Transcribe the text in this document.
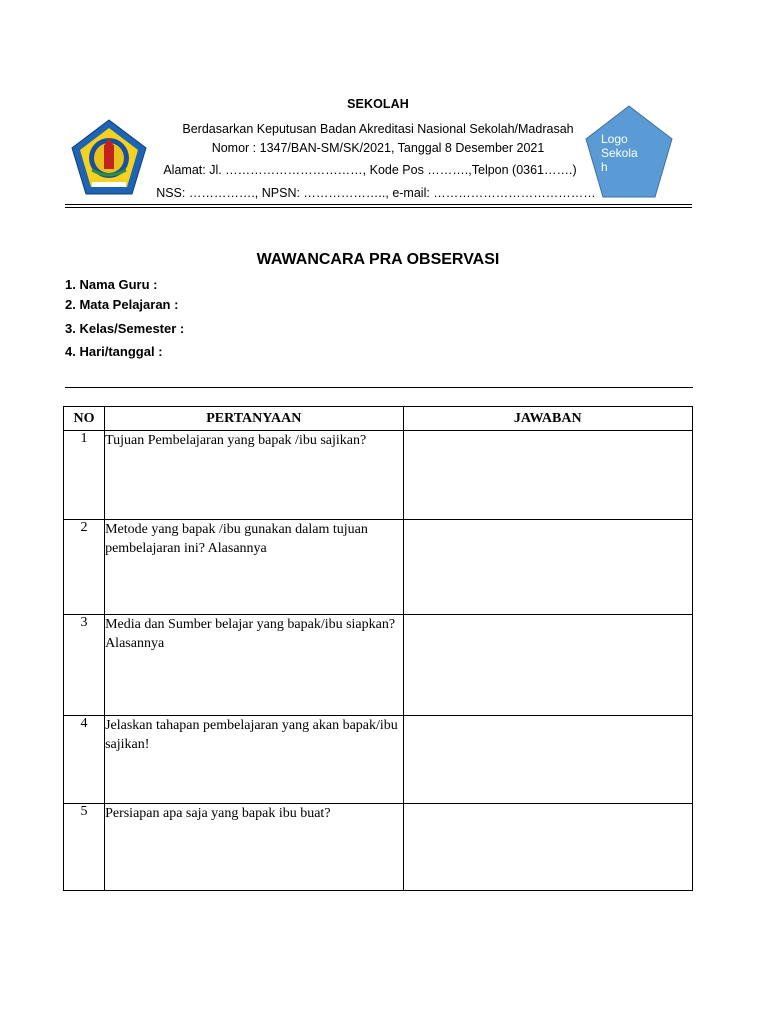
Logo Sekolah
SEKOLAH
Berdasarkan Keputusan Badan Akreditasi Nasional Sekolah/Madrasah
Nomor : 1347/BAN-SM/SK/2021, Tanggal 8 Desember 2021
Alamat: Jl. ……………………………, Kode Pos ……….,Telpon (0361…….)
NSS: ……………., NPSN: ……………….., e-mail: …………………………………
WAWANCARA PRA OBSERVASI
1. Nama Guru :
2. Mata Pelajaran :
3. Kelas/Semester :
4. Hari/tanggal :
NO	PERTANYAAN	JAWABAN
1	Tujuan Pembelajaran yang bapak /ibu sajikan?	
2	Metode yang bapak /ibu gunakan dalam tujuan pembelajaran ini? Alasannya	
3	Media dan Sumber belajar yang bapak/ibu siapkan? Alasannya	
4	Jelaskan tahapan pembelajaran yang akan bapak/ibu sajikan!	
5	Persiapan apa saja yang bapak ibu buat?	
